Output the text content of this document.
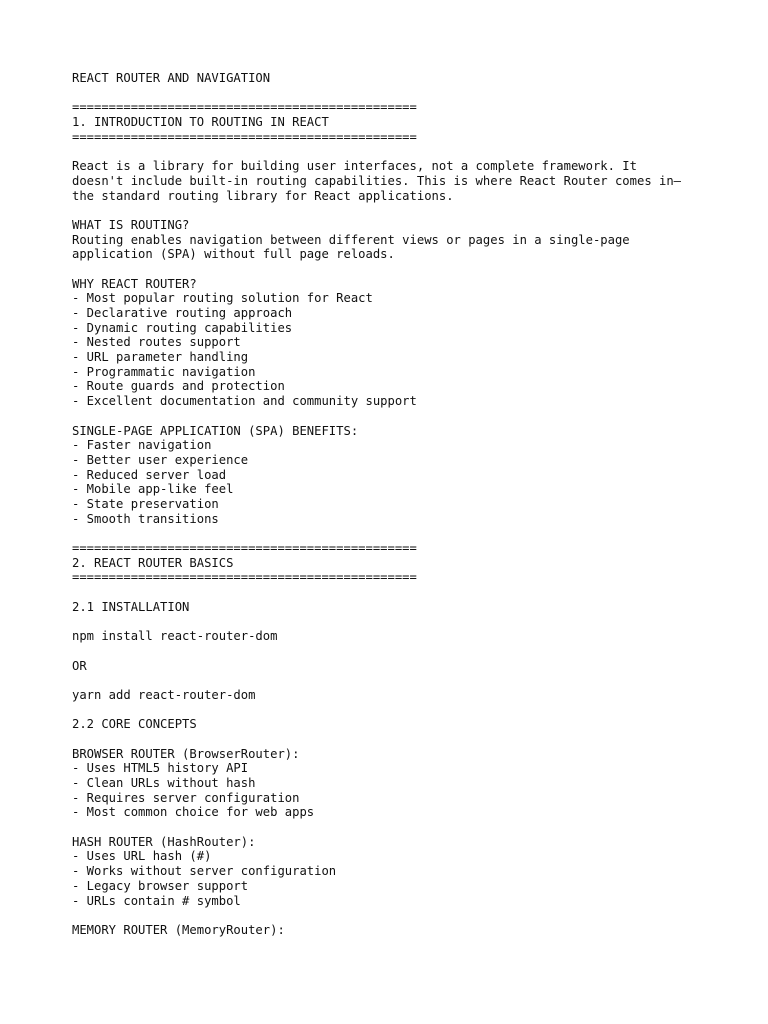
REACT ROUTER AND NAVIGATION
===============================================
1. INTRODUCTION TO ROUTING IN REACT
===============================================
React is a library for building user interfaces, not a complete framework. It
doesn't include built-in routing capabilities. This is where React Router comes in—
the standard routing library for React applications.
WHAT IS ROUTING?
Routing enables navigation between different views or pages in a single-page
application (SPA) without full page reloads.
WHY REACT ROUTER?
- Most popular routing solution for React
- Declarative routing approach
- Dynamic routing capabilities
- Nested routes support
- URL parameter handling
- Programmatic navigation
- Route guards and protection
- Excellent documentation and community support
SINGLE-PAGE APPLICATION (SPA) BENEFITS:
- Faster navigation
- Better user experience
- Reduced server load
- Mobile app-like feel
- State preservation
- Smooth transitions
===============================================
2. REACT ROUTER BASICS
===============================================
2.1 INSTALLATION
npm install react-router-dom
OR
yarn add react-router-dom
2.2 CORE CONCEPTS
BROWSER ROUTER (BrowserRouter):
- Uses HTML5 history API
- Clean URLs without hash
- Requires server configuration
- Most common choice for web apps
HASH ROUTER (HashRouter):
- Uses URL hash (#)
- Works without server configuration
- Legacy browser support
- URLs contain # symbol
MEMORY ROUTER (MemoryRouter):
